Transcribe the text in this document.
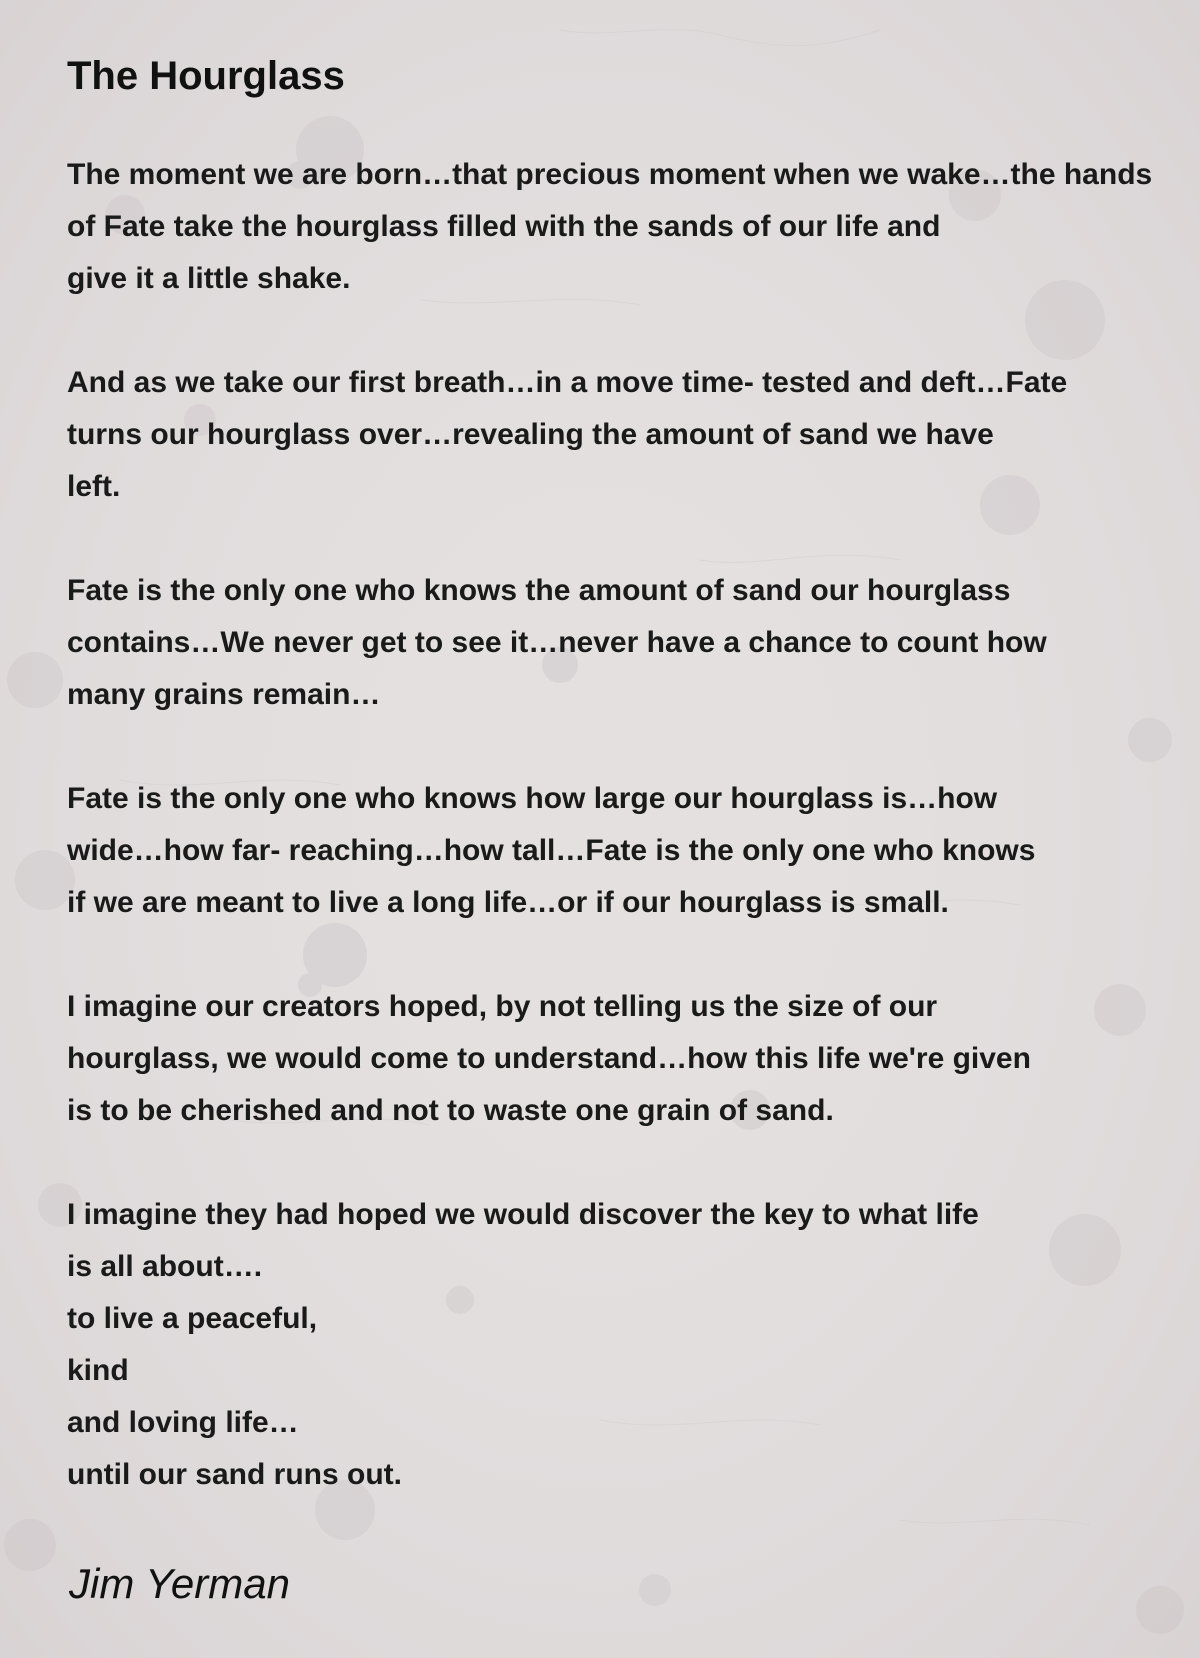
The Hourglass
The moment we are born…that precious moment when we wake…the hands
of Fate take the hourglass filled with the sands of our life and
give it a little shake.
And as we take our first breath…in a move time- tested and deft…Fate
turns our hourglass over…revealing the amount of sand we have
left.
Fate is the only one who knows the amount of sand our hourglass
contains…We never get to see it…never have a chance to count how
many grains remain…
Fate is the only one who knows how large our hourglass is…how
wide…how far- reaching…how tall…Fate is the only one who knows
if we are meant to live a long life…or if our hourglass is small.
I imagine our creators hoped, by not telling us the size of our
hourglass, we would come to understand…how this life we're given
is to be cherished and not to waste one grain of sand.
I imagine they had hoped we would discover the key to what life
is all about….
to live a peaceful,
kind
and loving life…
until our sand runs out.
Jim Yerman
